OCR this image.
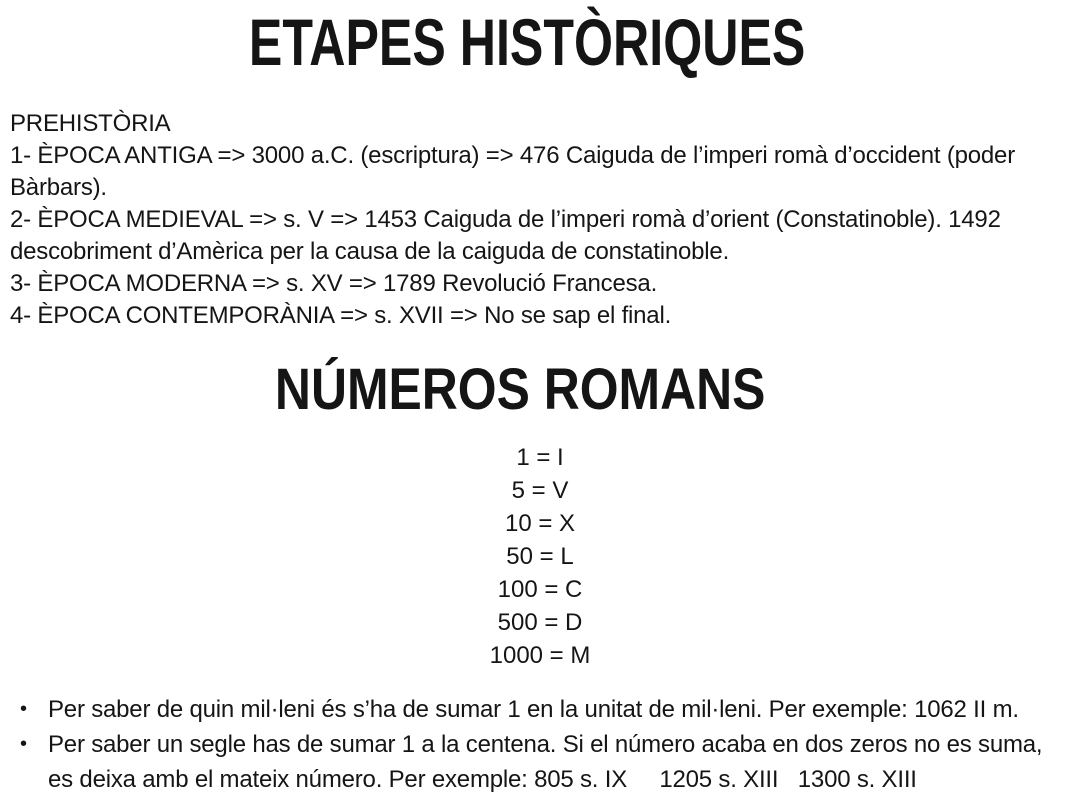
ETAPES HISTÒRIQUES
PREHISTÒRIA
1- ÈPOCA ANTIGA => 3000 a.C. (escriptura) => 476 Caiguda de l’imperi romà d’occident (poder
Bàrbars).
2- ÈPOCA MEDIEVAL => s. V => 1453 Caiguda de l’imperi romà d’orient (Constatinoble). 1492
descobriment d’Amèrica per la causa de la caiguda de constatinoble.
3- ÈPOCA MODERNA => s. XV => 1789 Revolució Francesa.
4- ÈPOCA CONTEMPORÀNIA => s. XVII => No se sap el final.
NÚMEROS ROMANS
1 = I
5 = V
10 = X
50 = L
100 = C
500 = D
1000 = M
• Per saber de quin mil·leni és s’ha de sumar 1 en la unitat de mil·leni. Per exemple: 1062 II m.
• Per saber un segle has de sumar 1 a la centena. Si el número acaba en dos zeros no es suma,
es deixa amb el mateix número. Per exemple: 805 s. IX     1205 s. XIII   1300 s. XIII
